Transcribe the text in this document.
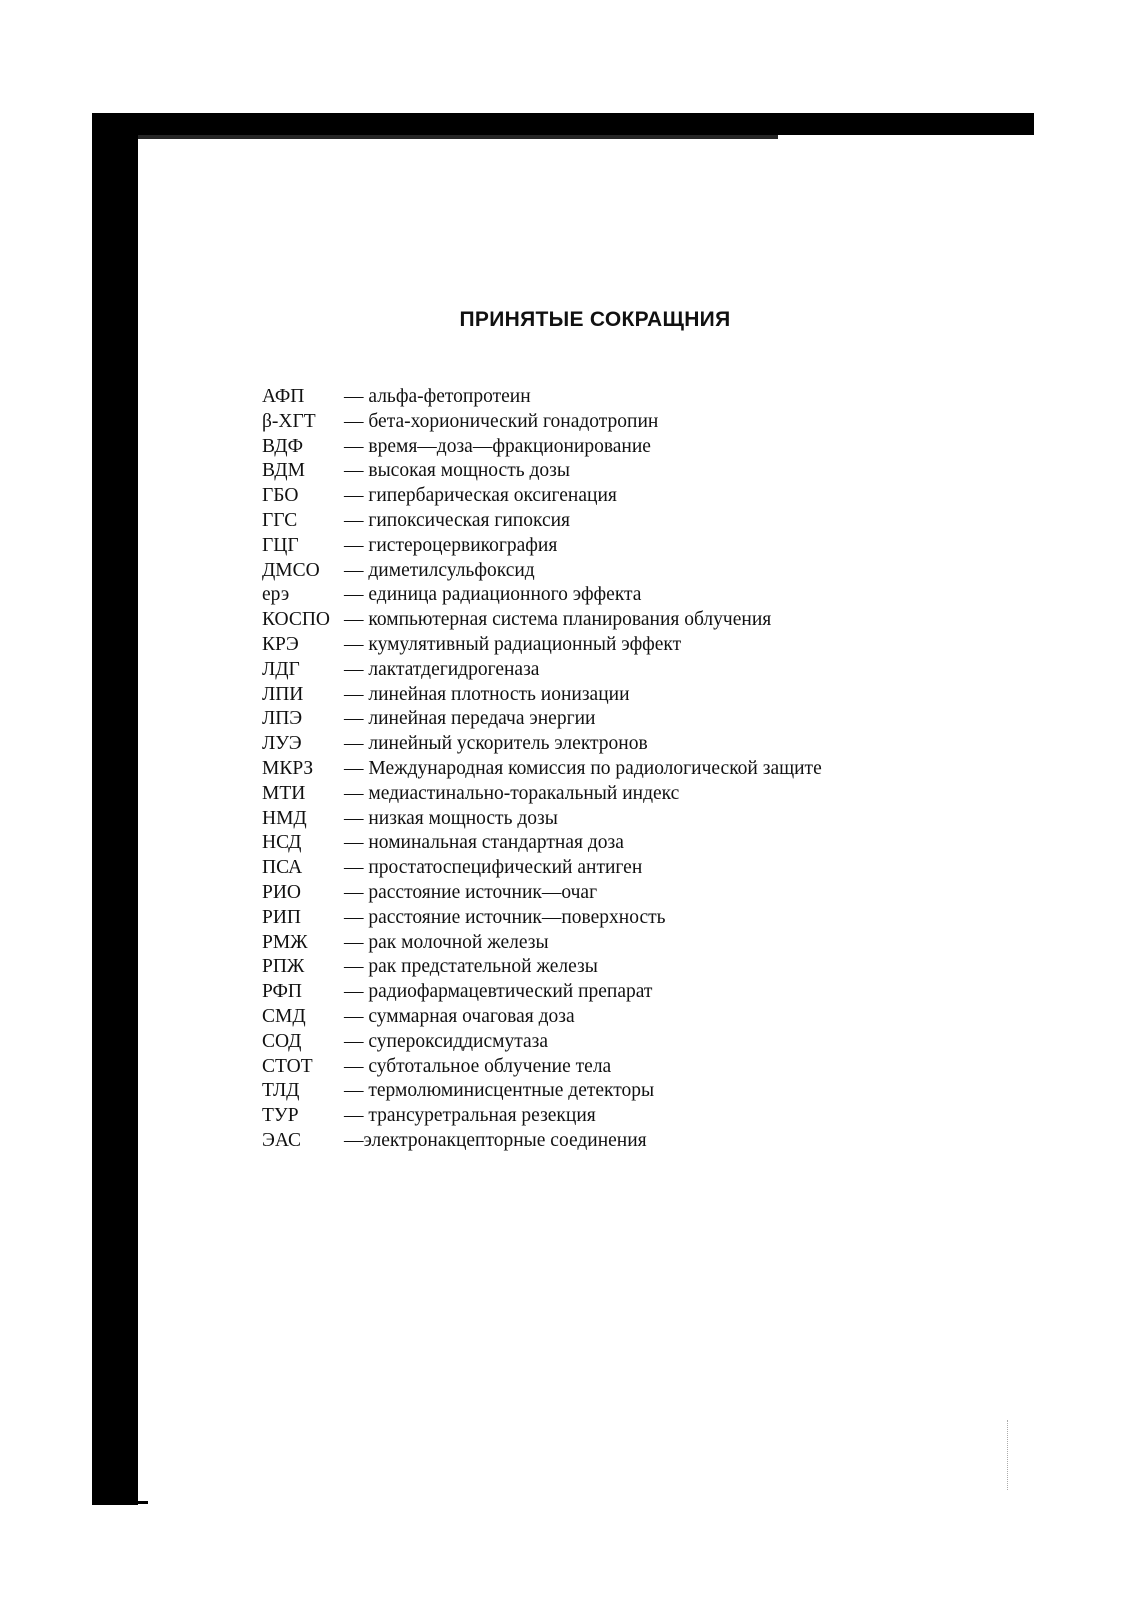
ПРИНЯТЫЕ СОКРАЩНИЯ
АФП	— альфа-фетопротеин
β-ХГТ	— бета-хорионический гонадотропин
ВДФ	— время—доза—фракционирование
ВДМ	— высокая мощность дозы
ГБО	— гипербарическая оксигенация
ГГС	— гипоксическая гипоксия
ГЦГ	— гистероцервикография
ДМСО	— диметилсульфоксид
ерэ	— единица радиационного эффекта
КОСПО — компьютерная система планирования облучения
КРЭ	— кумулятивный радиационный эффект
ЛДГ	— лактатдегидрогеназа
ЛПИ	— линейная плотность ионизации
ЛПЭ	— линейная передача энергии
ЛУЭ	— линейный ускоритель электронов
МКРЗ	— Международная комиссия по радиологической защите
МТИ	— медиастинально-торакальный индекс
НМД	— низкая мощность дозы
НСД	— номинальная стандартная доза
ПСА	— простатоспецифический антиген
РИО	— расстояние источник—очаг
РИП	— расстояние источник—поверхность
РМЖ	— рак молочной железы
РПЖ	— рак предстательной железы
РФП	— радиофармацевтический препарат
СМД	— суммарная очаговая доза
СОД	— супероксиддисмутаза
СТОТ	— субтотальное облучение тела
ТЛД	— термолюминисцентные детекторы
ТУР	— трансуретральная резекция
ЭАС	—электронакцепторные соединения
